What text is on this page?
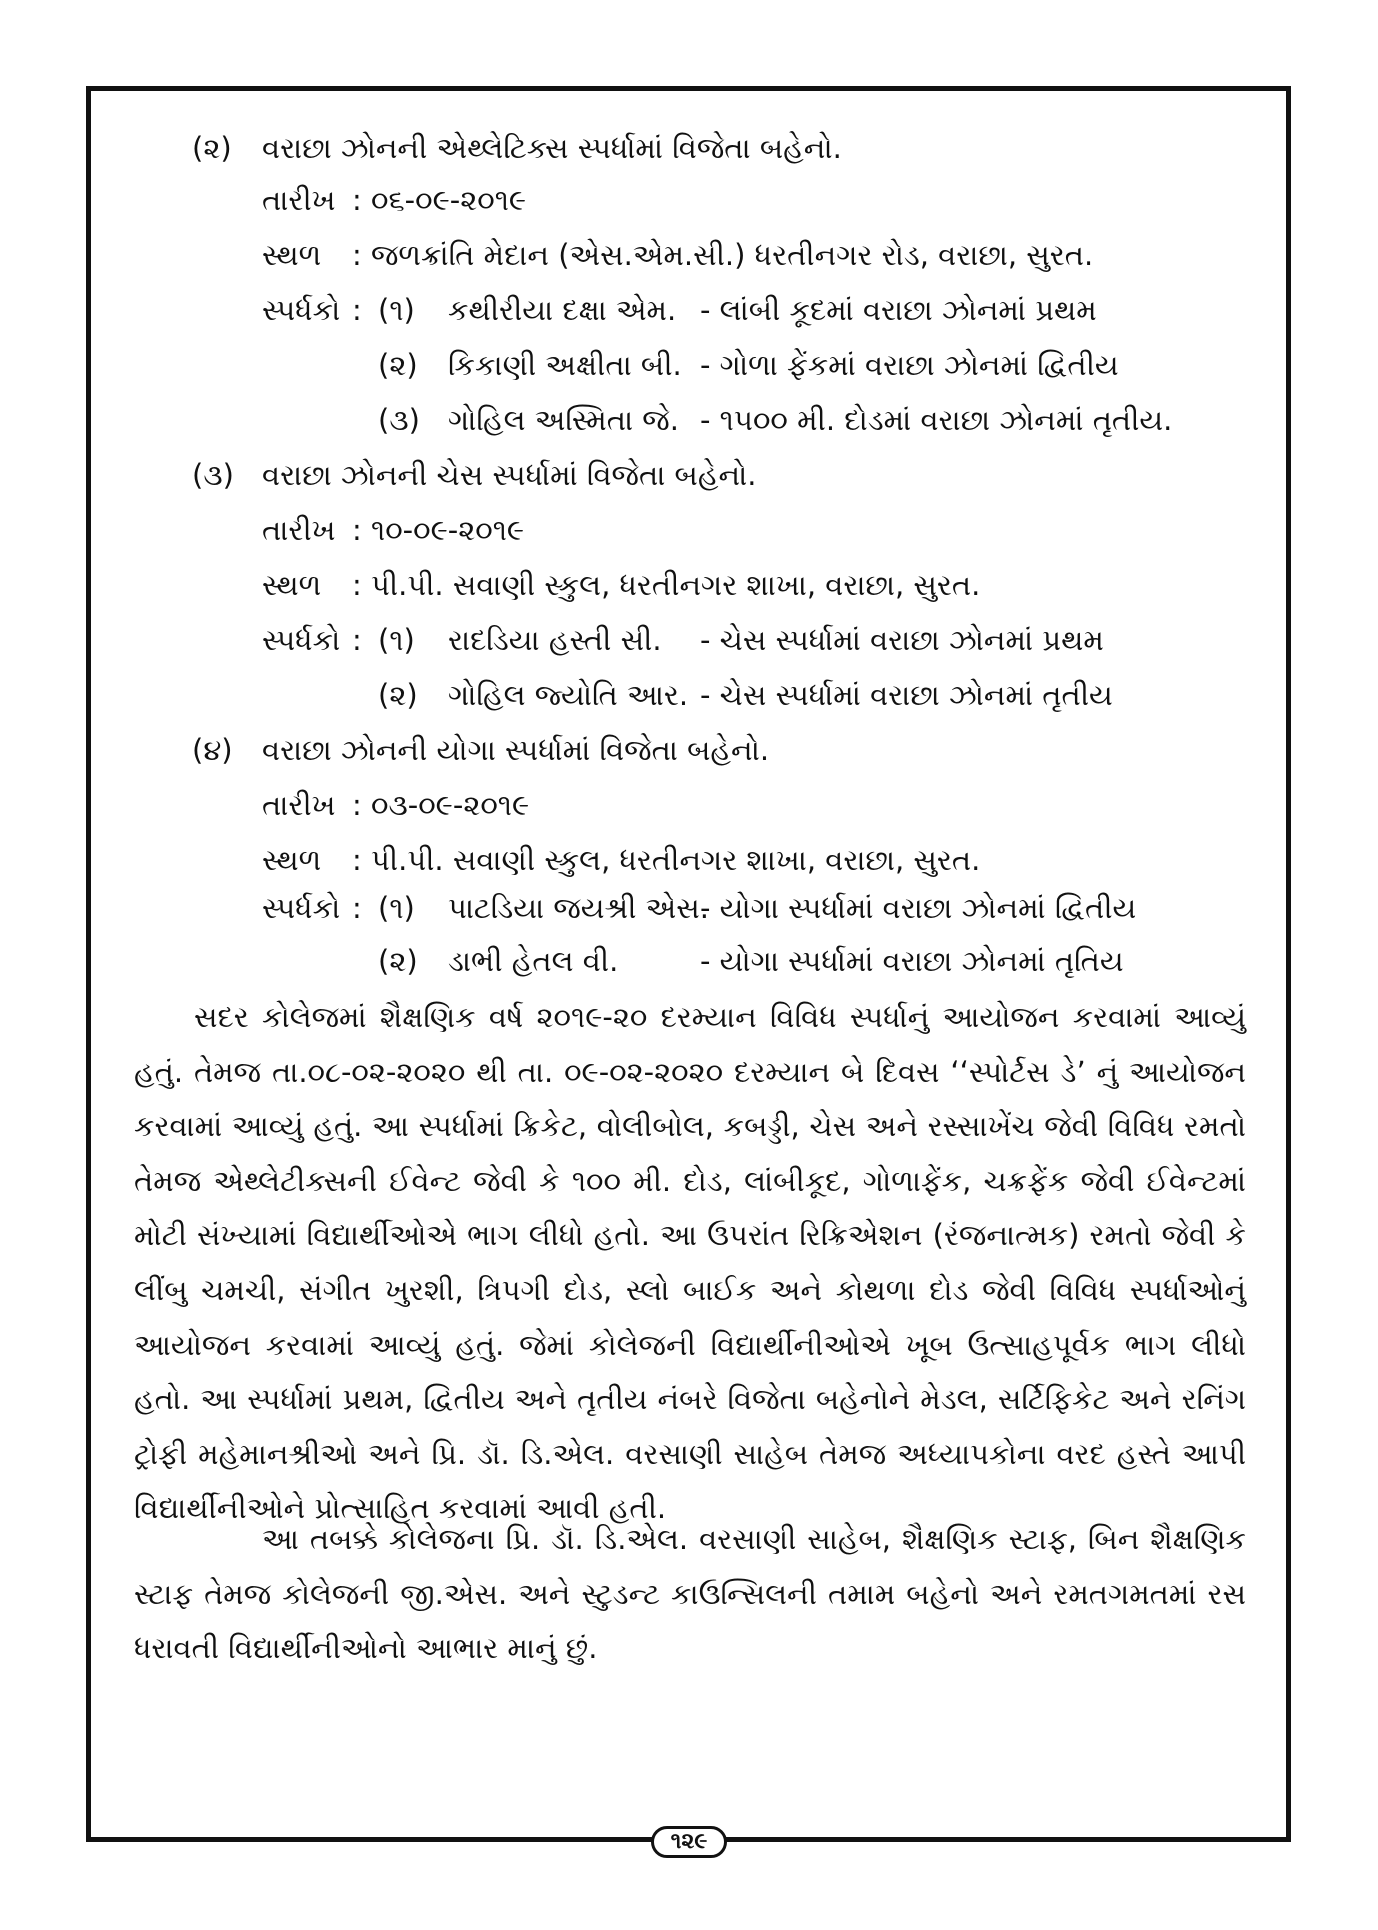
(૨) વરાછા ઝોનની એથ્લેટિક્સ સ્પર્ધામાં વિજેતા બહેનો.
તારીખ : ૦૬-૦૯-૨૦૧૯
સ્થળ : જળક્રાંતિ મેદાન (એસ.એમ.સી.) ધરતીનગર રોડ, વરાછા, સુરત.
સ્પર્ધકો : (૧) કથીરીયા દક્ષા એમ. - લાંબી કૂદમાં વરાછા ઝોનમાં પ્રથમ
(૨) કિકાણી અક્ષીતા બી. - ગોળા ફેંકમાં વરાછા ઝોનમાં દ્વિતીય
(૩) ગોહિલ અસ્મિતા જે. - ૧૫૦૦ મી. દોડમાં વરાછા ઝોનમાં તૃતીય.
(૩) વરાછા ઝોનની ચેસ સ્પર્ધામાં વિજેતા બહેનો.
તારીખ : ૧૦-૦૯-૨૦૧૯
સ્થળ : પી.પી. સવાણી સ્કુલ, ધરતીનગર શાખા, વરાછા, સુરત.
સ્પર્ધકો : (૧) રાદડિયા હસ્તી સી. - ચેસ સ્પર્ધામાં વરાછા ઝોનમાં પ્રથમ
(૨) ગોહિલ જ્યોતિ આર. - ચેસ સ્પર્ધામાં વરાછા ઝોનમાં તૃતીય
(૪) વરાછા ઝોનની યોગા સ્પર્ધામાં વિજેતા બહેનો.
તારીખ : ૦૩-૦૯-૨૦૧૯
સ્થળ : પી.પી. સવાણી સ્કુલ, ધરતીનગર શાખા, વરાછા, સુરત.
સ્પર્ધકો : (૧) પાટડિયા જયશ્રી એસ.
- યોગા સ્પર્ધામાં વરાછા ઝોનમાં દ્વિતીય
(૨) ડાભી હેતલ વી.	- યોગા સ્પર્ધામાં વરાછા ઝોનમાં તૃતિય
સદર કોલેજમાં શૈક્ષણિક વર્ષ ૨૦૧૯-૨૦ દરમ્યાન વિવિધ સ્પર્ધાનું આયોજન કરવામાં આવ્યું હતું. તેમજ તા.૦૮-૦૨-૨૦૨૦ થી તા. ૦૯-૦૨-૨૦૨૦ દરમ્યાન બે દિવસ ‘‘સ્પોર્ટસ ડે’ નું આયોજન કરવામાં આવ્યું હતું. આ સ્પર્ધામાં ક્રિકેટ, વોલીબોલ, કબડ્ડી, ચેસ અને રસ્સાખેંચ જેવી વિવિધ રમતો તેમજ એથ્લેટીક્સની ઈવેન્ટ જેવી કે ૧૦૦ મી. દોડ, લાંબીકૂદ, ગોળાફેંક, ચક્રફેંક જેવી ઈવેન્ટમાં મોટી સંખ્યામાં વિદ્યાર્થીઓએ ભાગ લીધો હતો. આ ઉપરાંત રિક્રિએશન (રંજનાત્મક) રમતો જેવી કે લીંબુ ચમચી, સંગીત ખુરશી, ત્રિપગી દોડ, સ્લો બાઈક અને કોથળા દોડ જેવી વિવિધ સ્પર્ધાઓનું આયોજન કરવામાં આવ્યું હતું. જેમાં કોલેજની વિદ્યાર્થીનીઓએ ખૂબ ઉત્સાહપૂર્વક ભાગ લીધો હતો. આ સ્પર્ધામાં પ્રથમ, દ્વિતીય અને તૃતીય નંબરે વિજેતા બહેનોને મેડલ, સર્ટિફિકેટ અને રનિંગ ટ્રોફી મહેમાનશ્રીઓ અને પ્રિ. ડૉ. ડિ.એલ. વરસાણી સાહેબ તેમજ અધ્યાપકોના વરદ હસ્તે આપી વિદ્યાર્થીનીઓને પ્રોત્સાહિત કરવામાં આવી હતી.
આ તબક્કે કોલેજના પ્રિ. ડૉ. ડિ.એલ. વરસાણી સાહેબ, શૈક્ષણિક સ્ટાફ, બિન શૈક્ષણિક સ્ટાફ તેમજ કોલેજની જી.એસ. અને સ્ટુડન્ટ કાઉન્સિલની તમામ બહેનો અને રમતગમતમાં રસ ધરાવતી વિદ્યાર્થીનીઓનો આભાર માનું છું.
૧૨૯
